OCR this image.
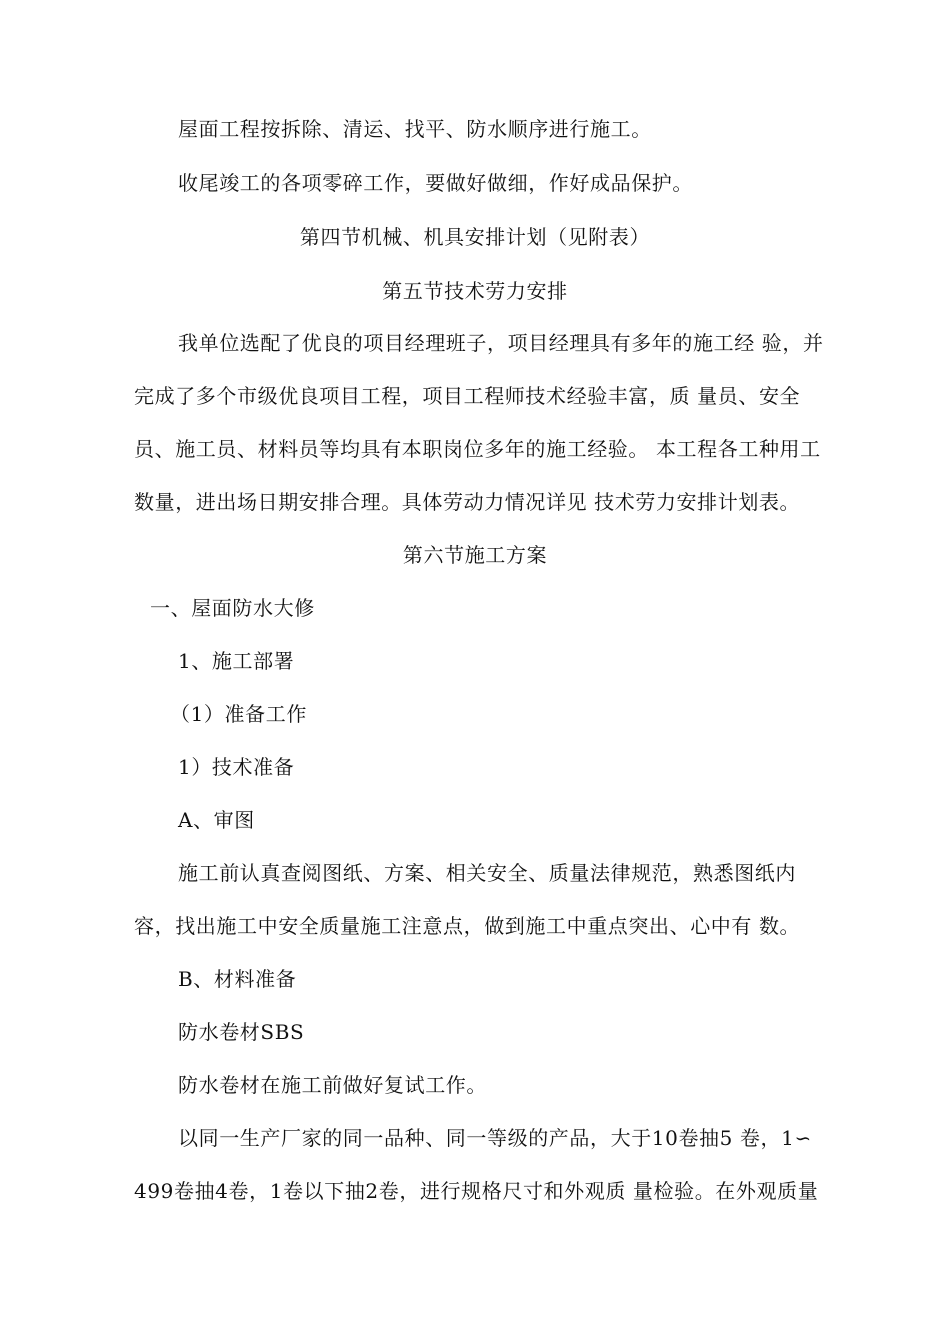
屋面工程按拆除、清运、找平、防水顺序进行施工。
收尾竣工的各项零碎工作，要做好做细，作好成品保护。
第四节机械、机具安排计划（见附表）
第五节技术劳力安排
我单位选配了优良的项目经理班子，项目经理具有多年的施工经 验，并
完成了多个市级优良项目工程，项目工程师技术经验丰富，质 量员、安全
员、施工员、材料员等均具有本职岗位多年的施工经验。 本工程各工种用工
数量，进出场日期安排合理。具体劳动力情况详见 技术劳力安排计划表。
第六节施工方案
一、屋面防水大修
1、施工部署
（1）准备工作
1）技术准备
A、审图
施工前认真查阅图纸、方案、相关安全、质量法律规范，熟悉图纸内
容，找出施工中安全质量施工注意点，做到施工中重点突出、心中有 数。
B、材料准备
防水卷材SBS
防水卷材在施工前做好复试工作。
以同一生产厂家的同一品种、同一等级的产品，大于10卷抽5 卷，1∽
499卷抽4卷，1卷以下抽2卷，进行规格尺寸和外观质 量检验。在外观质量
